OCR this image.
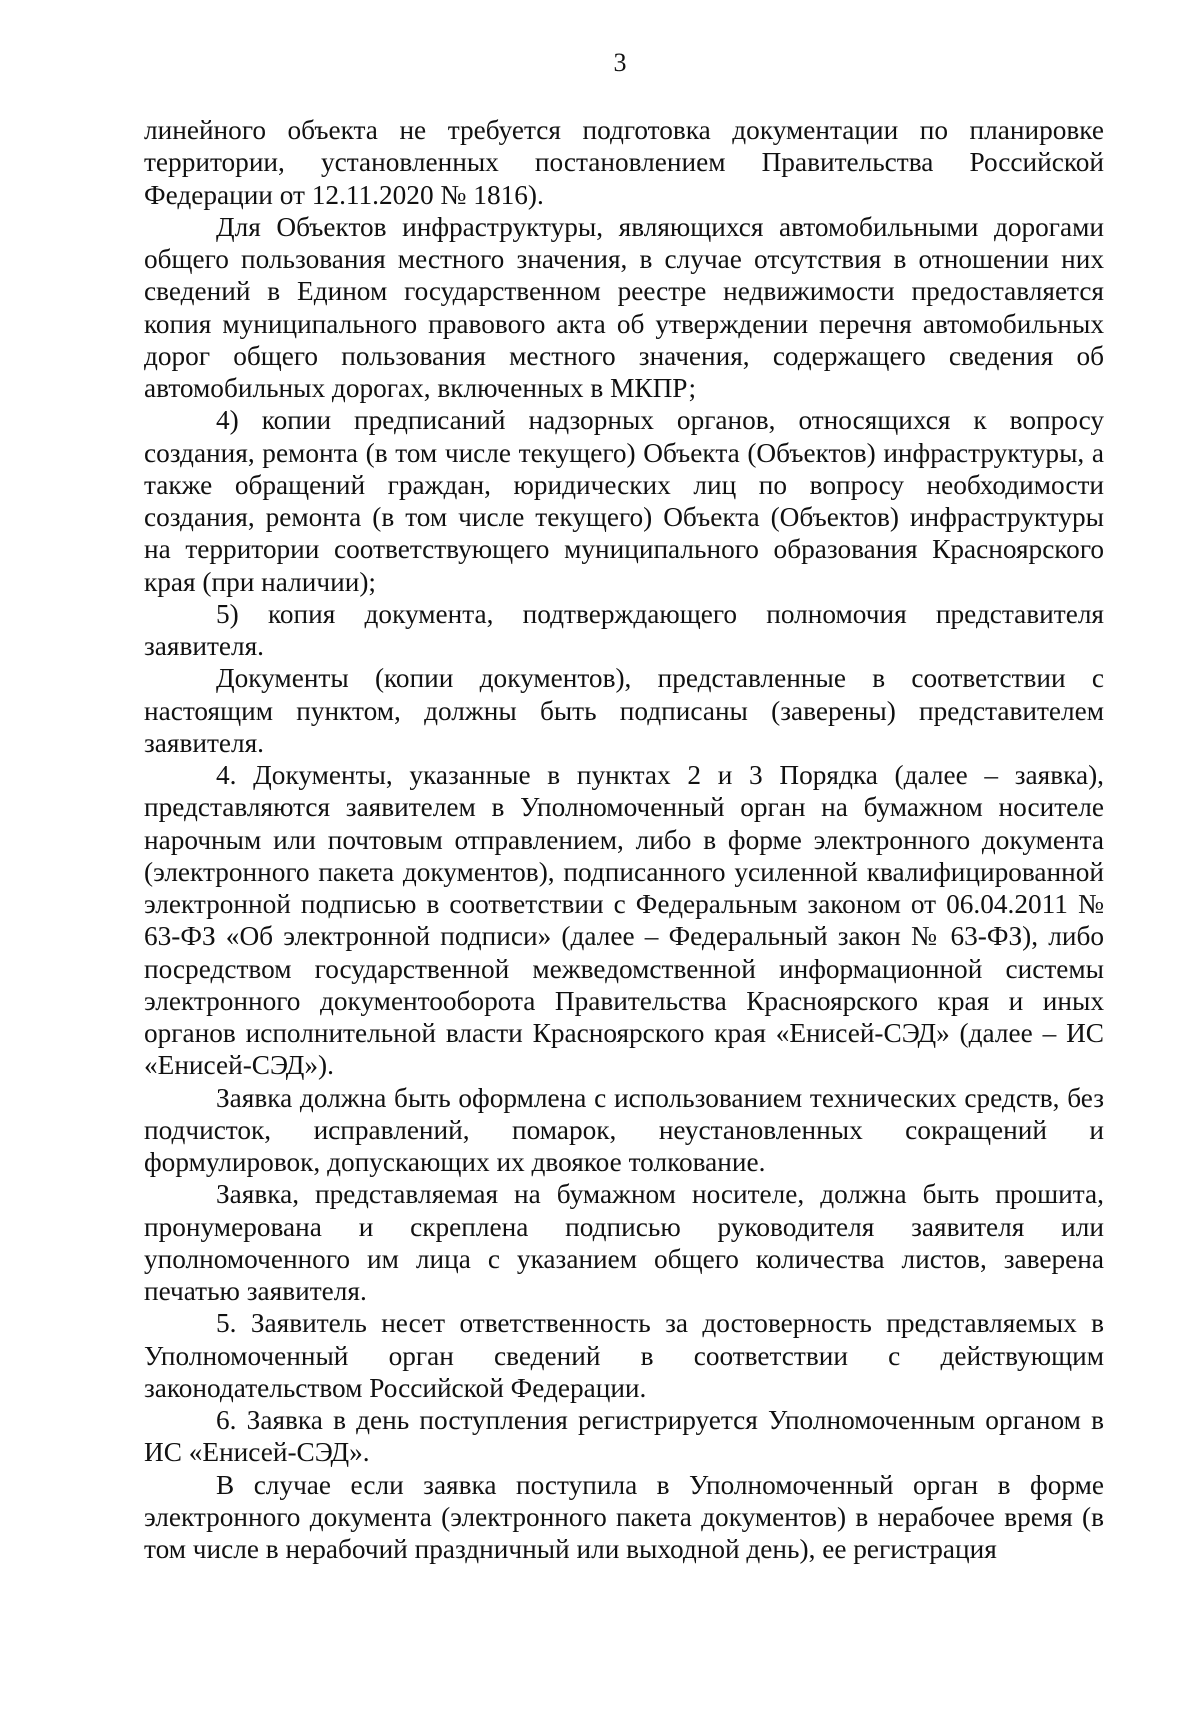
3

линейного объекта не требуется подготовка документации по планировке территории, установленных постановлением Правительства Российской Федерации от 12.11.2020 № 1816).

Для Объектов инфраструктуры, являющихся автомобильными дорогами общего пользования местного значения, в случае отсутствия в отношении них сведений в Едином государственном реестре недвижимости предоставляется копия муниципального правового акта об утверждении перечня автомобильных дорог общего пользования местного значения, содержащего сведения об автомобильных дорогах, включенных в МКПР;

4) копии предписаний надзорных органов, относящихся к вопросу создания, ремонта (в том числе текущего) Объекта (Объектов) инфраструктуры, а также обращений граждан, юридических лиц по вопросу необходимости создания, ремонта (в том числе текущего) Объекта (Объектов) инфраструктуры на территории соответствующего муниципального образования Красноярского края (при наличии);

5) копия документа, подтверждающего полномочия представителя заявителя.

Документы (копии документов), представленные в соответствии с настоящим пунктом, должны быть подписаны (заверены) представителем заявителя.

4. Документы, указанные в пунктах 2 и 3 Порядка (далее – заявка), представляются заявителем в Уполномоченный орган на бумажном носителе нарочным или почтовым отправлением, либо в форме электронного документа (электронного пакета документов), подписанного усиленной квалифицированной электронной подписью в соответствии с Федеральным законом от 06.04.2011 № 63-ФЗ «Об электронной подписи» (далее – Федеральный закон № 63-ФЗ), либо посредством государственной межведомственной информационной системы электронного документооборота Правительства Красноярского края и иных органов исполнительной власти Красноярского края «Енисей-СЭД» (далее – ИС «Енисей-СЭД»).

Заявка должна быть оформлена с использованием технических средств, без подчисток, исправлений, помарок, неустановленных сокращений и формулировок, допускающих их двоякое толкование.

Заявка, представляемая на бумажном носителе, должна быть прошита, пронумерована и скреплена подписью руководителя заявителя или уполномоченного им лица с указанием общего количества листов, заверена печатью заявителя.

5. Заявитель несет ответственность за достоверность представляемых в Уполномоченный орган сведений в соответствии с действующим законодательством Российской Федерации.

6. Заявка в день поступления регистрируется Уполномоченным органом в ИС «Енисей-СЭД».

В случае если заявка поступила в Уполномоченный орган в форме электронного документа (электронного пакета документов) в нерабочее время (в том числе в нерабочий праздничный или выходной день), ее регистрация
